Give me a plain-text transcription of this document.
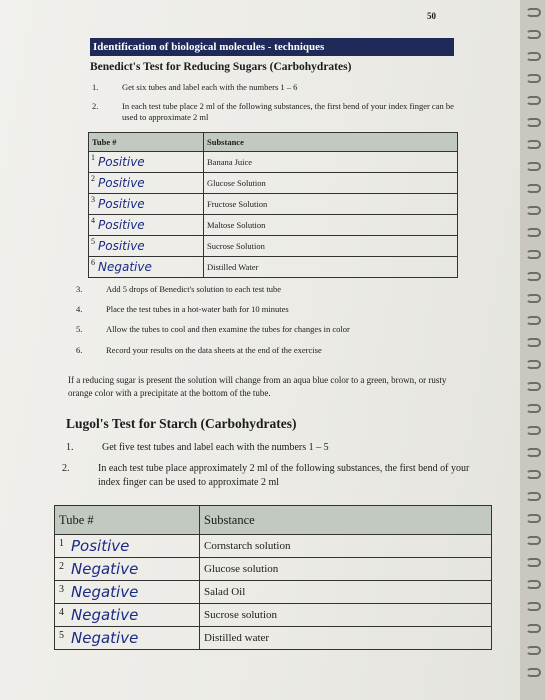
50
Identification of biological molecules - techniques
Benedict's Test for Reducing Sugars (Carbohydrates)
1.	Get six tubes and label each with the numbers 1 – 6
2.	In each test tube place 2 ml of the following substances, the first bend of your index finger can be used to approximate 2 ml
Tube #	Substance

1 Positive	Banana Juice

2 Positive	Glucose Solution

3 Positive	Fructose Solution

4 Positive	Maltose Solution

5 Positive	Sucrose Solution

6 Negative	Distilled Water
3.	Add 5 drops of Benedict's solution to each test tube
4.	Place the test tubes in a hot-water bath for 10 minutes
5.	Allow the tubes to cool and then examine the tubes for changes in color
6.	Record your results on the data sheets at the end of the exercise
If a reducing sugar is present the solution will change from an aqua blue color to a green, brown, or rusty orange color with a precipitate at the bottom of the tube.
Lugol's Test for Starch (Carbohydrates)
1.	Get five test tubes and label each with the numbers 1 – 5
2.	In each test tube place approximately 2 ml of the following substances, the first bend of your index finger can be used to approximate 2 ml
Tube #	Substance

1 Positive	Cornstarch solution

2 Negative	Glucose solution

3 Negative	Salad Oil

4 Negative	Sucrose solution

5 Negative	Distilled water
